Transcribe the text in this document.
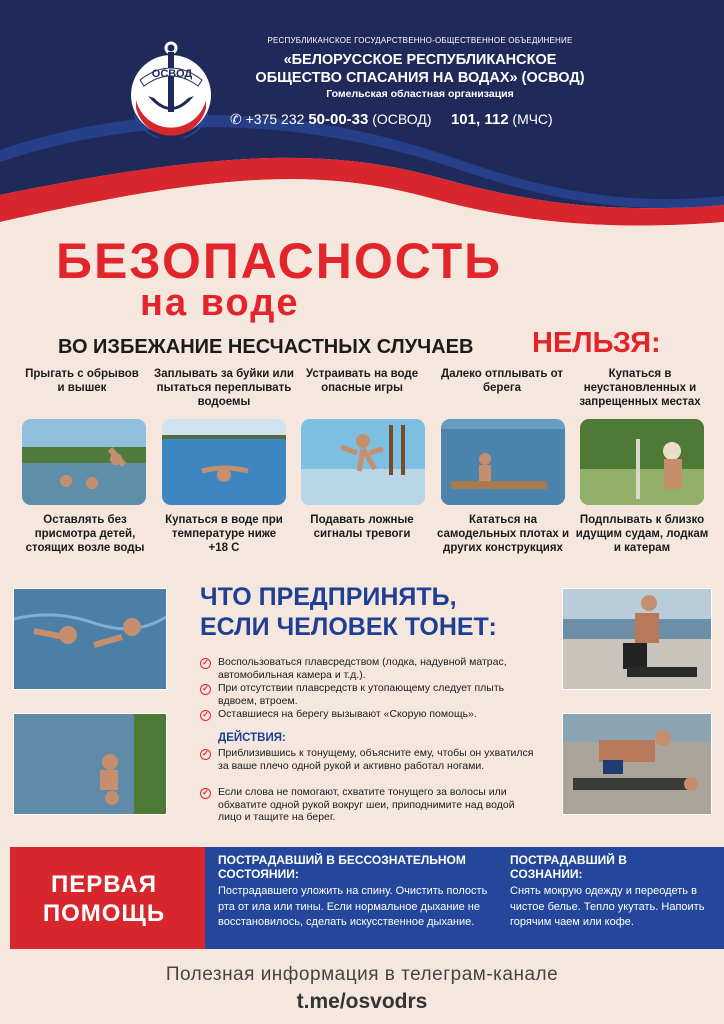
ОСВОД
РЕСПУБЛИКАНСКОЕ ГОСУДАРСТВЕННО-ОБЩЕСТВЕННОЕ ОБЪЕДИНЕНИЕ
«БЕЛОРУССКОЕ РЕСПУБЛИКАНСКОЕ
ОБЩЕСТВО СПАСАНИЯ НА ВОДАХ» (ОСВОД)
Гомельская областная организация
✆ +375 232 50-00-33 (ОСВОД) 101, 112 (МЧС)
БЕЗОПАСНОСТЬ
на воде
ВО ИЗБЕЖАНИЕ НЕСЧАСТНЫХ СЛУЧАЕВ НЕЛЬЗЯ:
Прыгать с обрывов и вышек
Заплывать за буйки или пытаться переплывать водоемы
Устраивать на воде опасные игры
Далеко отплывать от берега
Купаться в неустановленных и запрещенных местах
Оставлять без присмотра детей, стоящих возле воды
Купаться в воде при температуре ниже +18 С
Подавать ложные сигналы тревоги
Кататься на самодельных плотах и других конструкциях
Подплывать к близко идущим судам, лодкам и катерам
ЧТО ПРЕДПРИНЯТЬ,
ЕСЛИ ЧЕЛОВЕК ТОНЕТ:
✓ Воспользоваться плавсредством (лодка, надувной матрас, автомобильная камера и т.д.).
✓ При отсутствии плавсредств к утопающему следует плыть вдвоем, втроем.
✓ Оставшиеся на берегу вызывают «Скорую помощь».
ДЕЙСТВИЯ:
✓ Приблизившись к тонущему, объясните ему, чтобы он ухватился за ваше плечо одной рукой и активно работал ногами.
✓ Если слова не помогают, схватите тонущего за волосы или обхватите одной рукой вокруг шеи, приподнимите над водой лицо и тащите на берег.
ПЕРВАЯ ПОМОЩЬ
ПОСТРАДАВШИЙ В БЕССОЗНАТЕЛЬНОМ СОСТОЯНИИ:
Пострадавшего уложить на спину. Очистить полость рта от ила или тины. Если нормальное дыхание не восстановилось, сделать искусственное дыхание.
ПОСТРАДАВШИЙ В СОЗНАНИИ:
Снять мокрую одежду и переодеть в чистое белье. Тепло укутать. Напоить горячим чаем или кофе.
Полезная информация в телеграм-канале
t.me/osvodrs
